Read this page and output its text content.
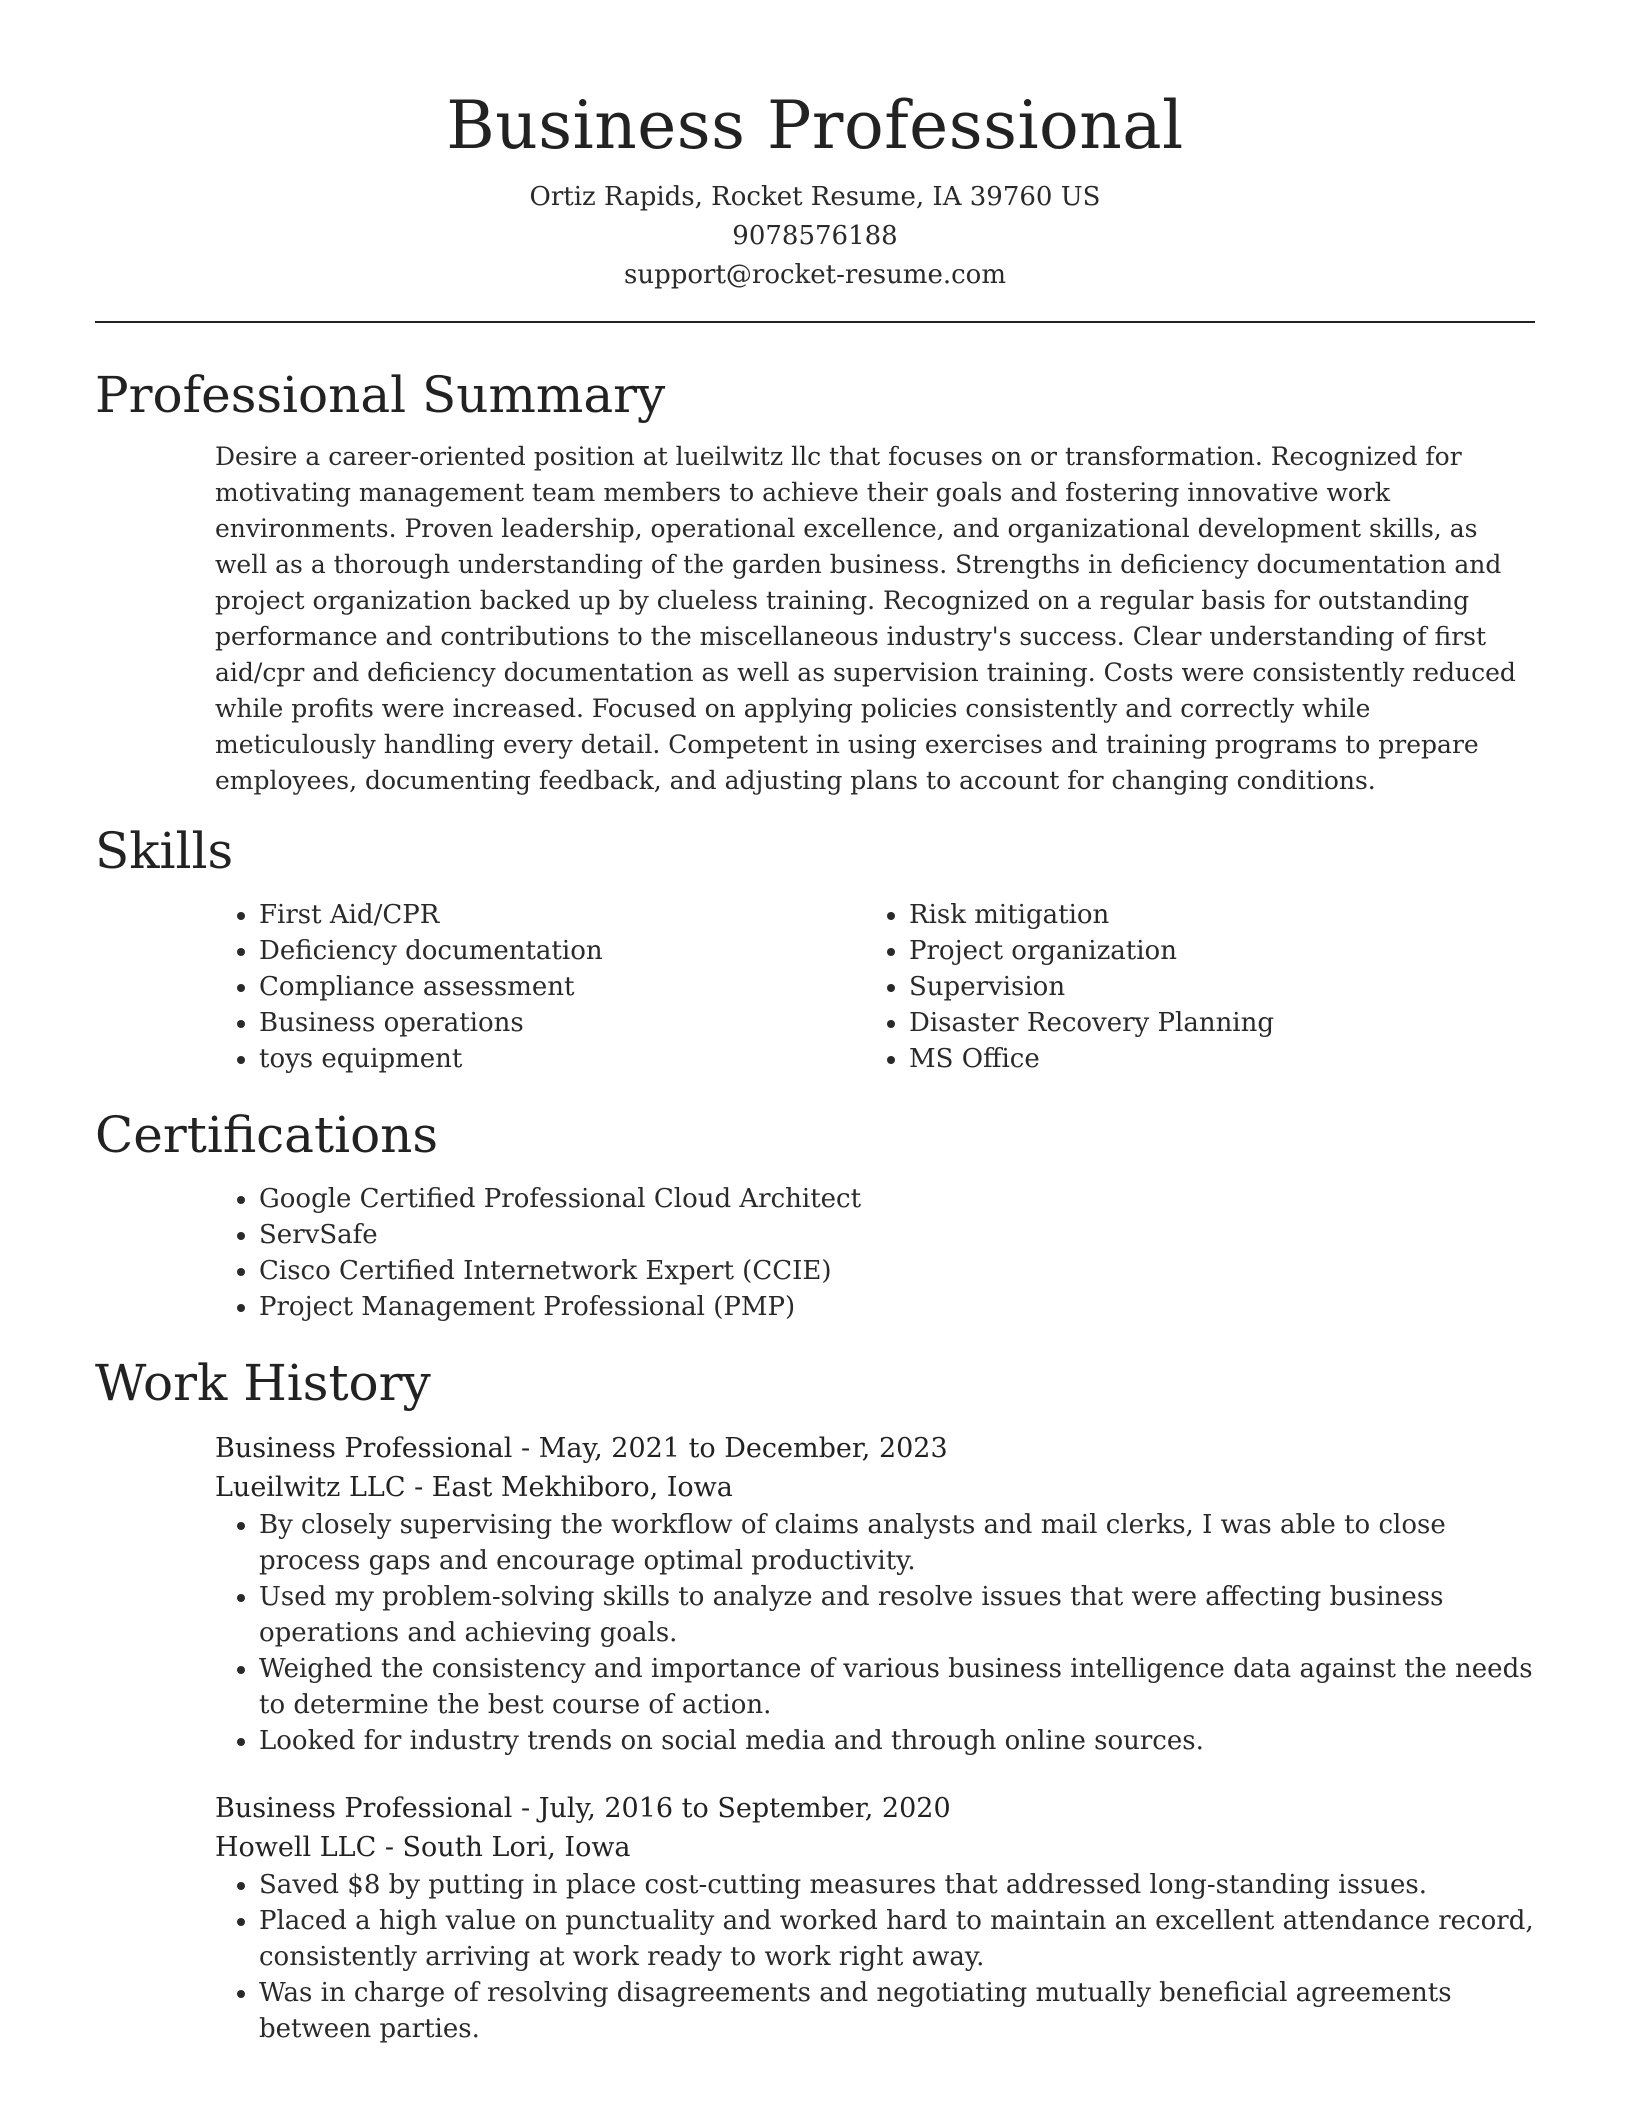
Business Professional
Ortiz Rapids, Rocket Resume, IA 39760 US
9078576188
support@rocket-resume.com
Professional Summary

Desire a career-oriented position at lueilwitz llc that focuses on or transformation. Recognized for motivating management team members to achieve their goals and fostering innovative work environments. Proven leadership, operational excellence, and organizational development skills, as well as a thorough understanding of the garden business. Strengths in deficiency documentation and project organization backed up by clueless training. Recognized on a regular basis for outstanding performance and contributions to the miscellaneous industry's success. Clear understanding of first aid/cpr and deficiency documentation as well as supervision training. Costs were consistently reduced while profits were increased. Focused on applying policies consistently and correctly while meticulously handling every detail. Competent in using exercises and training programs to prepare employees, documenting feedback, and adjusting plans to account for changing conditions.

Skills
• First Aid/CPR
• Deficiency documentation
• Compliance assessment
• Business operations
• toys equipment
• Risk mitigation
• Project organization
• Supervision
• Disaster Recovery Planning
• MS Office
Certifications
• Google Certified Professional Cloud Architect
• ServSafe
• Cisco Certified Internetwork Expert (CCIE)
• Project Management Professional (PMP)
Work History
Business Professional - May, 2021 to December, 2023
Lueilwitz LLC - East Mekhiboro, Iowa
• By closely supervising the workflow of claims analysts and mail clerks, I was able to close process gaps and encourage optimal productivity.
• Used my problem-solving skills to analyze and resolve issues that were affecting business operations and achieving goals.
• Weighed the consistency and importance of various business intelligence data against the needs to determine the best course of action.
• Looked for industry trends on social media and through online sources.
Business Professional - July, 2016 to September, 2020
Howell LLC - South Lori, Iowa
• Saved $8 by putting in place cost-cutting measures that addressed long-standing issues.
• Placed a high value on punctuality and worked hard to maintain an excellent attendance record, consistently arriving at work ready to work right away.
• Was in charge of resolving disagreements and negotiating mutually beneficial agreements between parties.
